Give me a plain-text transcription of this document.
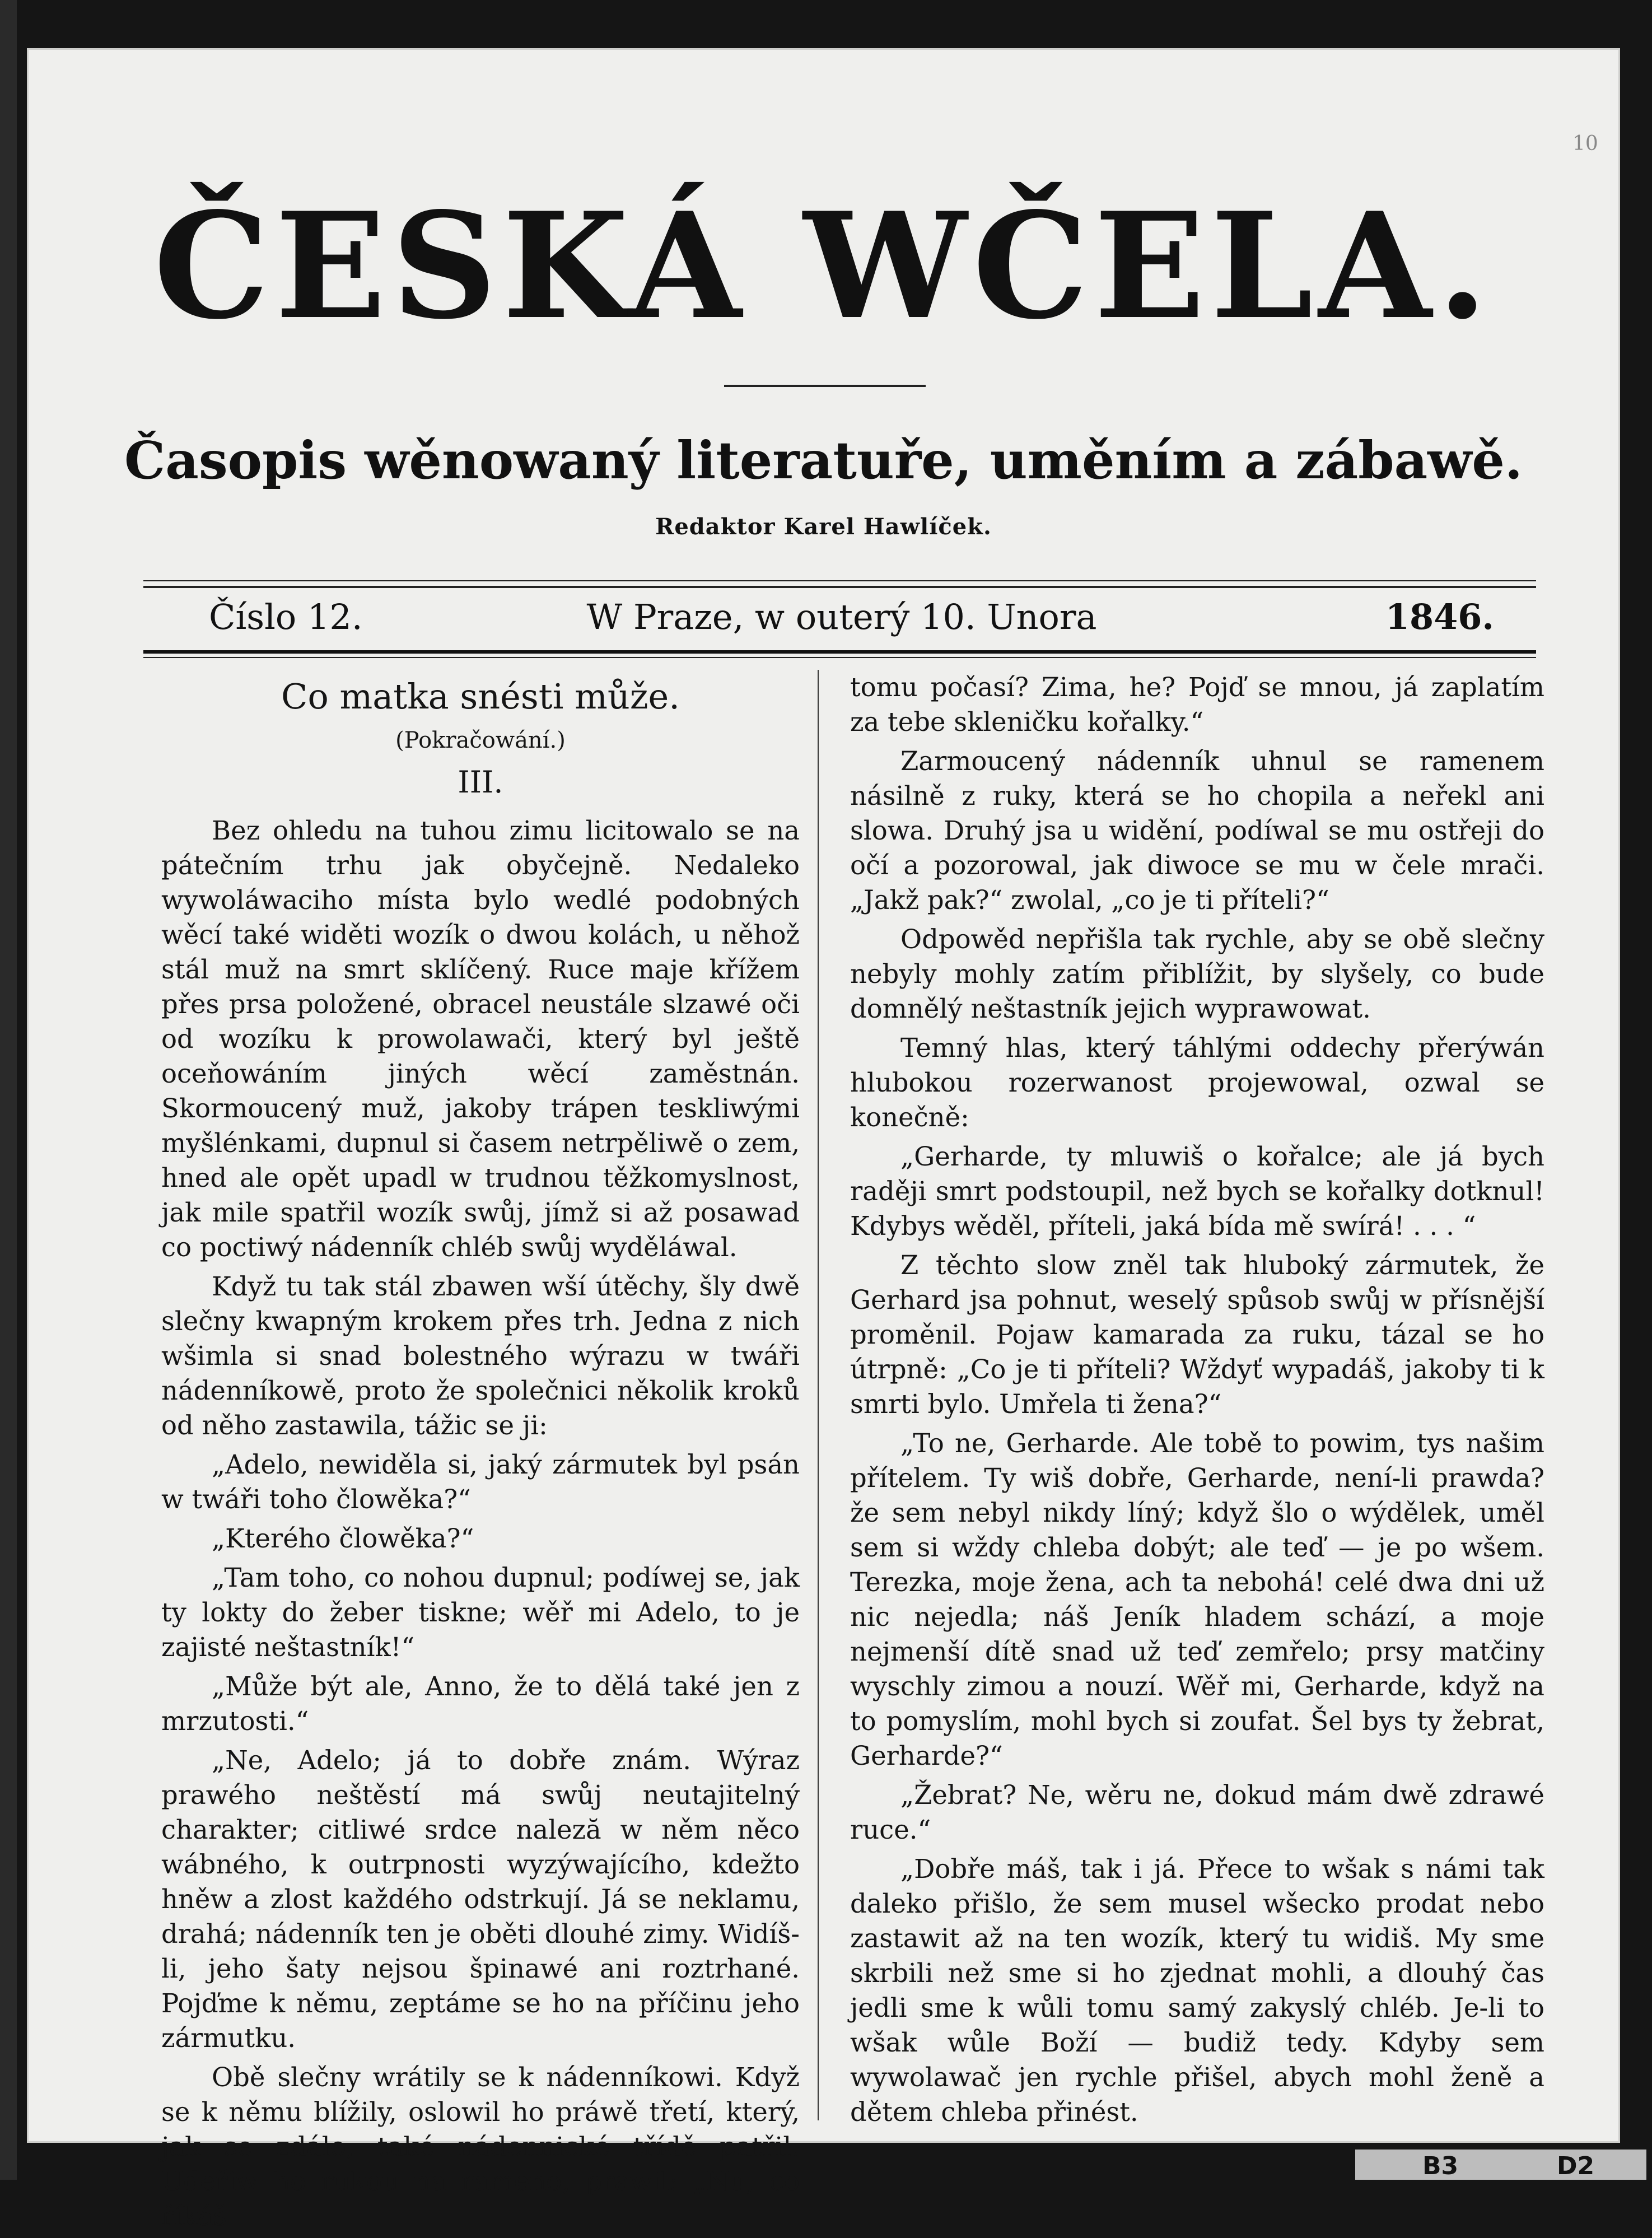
10
ČESKÁ WČELA.
Časopis wěnowaný literatuře, uměním a zábawě.
Redaktor Karel Hawlíček.
Číslo 12.	W Praze, w outerý 10. Unora	1846.
Co matka snésti může.
(Pokračowání.)
III.

Bez ohledu na tuhou zimu licitowalo se na pátečním trhu jak obyčejně. Nedaleko wywoláwaciho místa bylo wedlé podobných wěcí také widěti wozík o dwou kolách, u něhož stál muž na smrt sklíčený. Ruce maje křížem přes prsa položené, obracel neustále slzawé oči od wozíku k prowolawači, který byl ještě oceňowáním jiných wěcí zaměstnán. Skormoucený muž, jakoby trápen teskliwými myšlénkami, dupnul si časem netrpěliwě o zem, hned ale opět upadl w trudnou těžkomyslnost, jak mile spatřil wozík swůj, jímž si až posawad co poctiwý nádenník chléb swůj wyděláwal.

Když tu tak stál zbawen wší útěchy, šly dwě slečny kwapným krokem přes trh. Jedna z nich wšimla si snad bolestného wýrazu w twáři nádenníkowě, proto že společnici několik kroků od něho zastawila, tážic se ji:

„Adelo, newiděla si, jaký zármutek byl psán w twáři toho člowěka?“

„Kterého člowěka?“

„Tam toho, co nohou dupnul; podíwej se, jak ty lokty do žeber tiskne; wěř mi Adelo, to je zajisté neštastník!“

„Může být ale, Anno, že to dělá také jen z mrzutosti.“

„Ne, Adelo; já to dobře znám. Wýraz prawého neštěstí má swůj neutajitelný charakter; citliwé srdce naleză w něm něco wábného, k outrpnosti wyzýwajícího, kdežto hněw a zlost každého odstrkují. Já se neklamu, drahá; nádenník ten je oběti dlouhé zimy. Widíš-li, jeho šaty nejsou špinawé ani roztrhané. Pojďme k němu, zeptáme se ho na příčinu jeho zármutku.

Obě slečny wrátily se k nádenníkowi. Když se k němu blížily, oslowil ho práwě třetí, který, jak se zdálo, také nádennické třídě patřil. Udeřiw ho rukou na rameno, prawil: „Nu, co říkáš

tomu počasí? Zima, he? Pojď se mnou, já zaplatím za tebe skleničku kořalky.“

Zarmoucený nádenník uhnul se ramenem násilně z ruky, která se ho chopila a neřekl ani slowa. Druhý jsa u widění, podíwal se mu ostřeji do očí a pozorowal, jak diwoce se mu w čele mrači. „Jakž pak?“ zwolal, „co je ti příteli?“

Odpowěd nepřišla tak rychle, aby se obě slečny nebyly mohly zatím přiblížit, by slyšely, co bude domnělý neštastník jejich wyprawowat.

Temný hlas, který táhlými oddechy přerýwán hlubokou rozerwanost projewowal, ozwal se konečně:

„Gerharde, ty mluwiš o kořalce; ale já bych raději smrt podstoupil, než bych se kořalky dotknul! Kdybys wěděl, příteli, jaká bída mě swírá! . . . “

Z těchto slow zněl tak hluboký zármutek, že Gerhard jsa pohnut, weselý spůsob swůj w přísnější proměnil. Pojaw kamarada za ruku, tázal se ho útrpně: „Co je ti příteli? Wždyť wypadáš, jakoby ti k smrti bylo. Umřela ti žena?“

„To ne, Gerharde. Ale tobě to powim, tys našim přítelem. Ty wiš dobře, Gerharde, není-li prawda? že sem nebyl nikdy líný; když šlo o wýdělek, uměl sem si wždy chleba dobýt; ale teď — je po wšem. Terezka, moje žena, ach ta nebohá! celé dwa dni už nic nejedla; náš Jeník hladem schází, a moje nejmenší dítě snad už teď zemřelo; prsy matčiny wyschly zimou a nouzí. Wěř mi, Gerharde, když na to pomyslím, mohl bych si zoufat. Šel bys ty žebrat, Gerharde?“

„Žebrat? Ne, wěru ne, dokud mám dwě zdrawé ruce.“

„Dobře máš, tak i já. Přece to wšak s námi tak daleko přišlo, že sem musel wšecko prodat nebo zastawit až na ten wozík, který tu widiš. My sme skrbili než sme si ho zjednat mohli, a dlouhý čas jedli sme k wůli tomu samý zakyslý chléb. Je-li to wšak wůle Boží — budiž tedy. Kdyby sem wywolawač jen rychle přišel, abych mohl ženě a dětem chleba přinést.

B3	D2
